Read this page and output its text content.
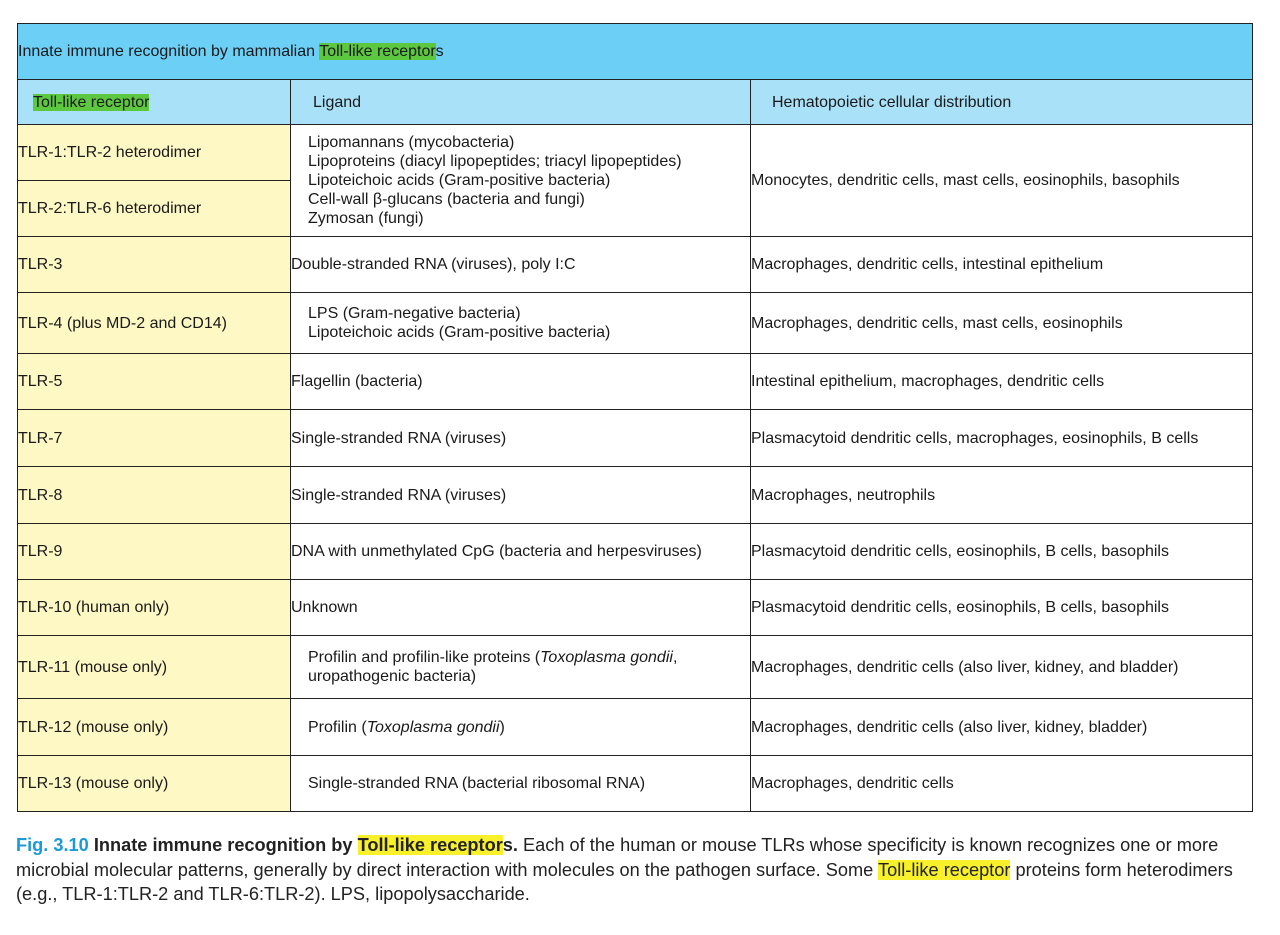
Innate immune recognition by mammalian Toll-like receptors		
Toll-like receptor	Ligand	Hematopoietic cellular distribution
TLR-1:TLR-2 heterodimer	Lipomannans (mycobacteria)
Lipoproteins (diacyl lipopeptides; triacyl lipopeptides)
Lipoteichoic acids (Gram-positive bacteria)
Cell-wall β-glucans (bacteria and fungi)
Zymosan (fungi)	Monocytes, dendritic cells, mast cells, eosinophils, basophils
TLR-2:TLR-6 heterodimer		
TLR-3	Double-stranded RNA (viruses), poly I:C	Macrophages, dendritic cells, intestinal epithelium
TLR-4 (plus MD-2 and CD14)	LPS (Gram-negative bacteria)
Lipoteichoic acids (Gram-positive bacteria)	Macrophages, dendritic cells, mast cells, eosinophils
TLR-5	Flagellin (bacteria)	Intestinal epithelium, macrophages, dendritic cells
TLR-7	Single-stranded RNA (viruses)	Plasmacytoid dendritic cells, macrophages, eosinophils, B cells
TLR-8	Single-stranded RNA (viruses)	Macrophages, neutrophils
TLR-9	DNA with unmethylated CpG (bacteria and herpesviruses)	Plasmacytoid dendritic cells, eosinophils, B cells, basophils
TLR-10 (human only)	Unknown	Plasmacytoid dendritic cells, eosinophils, B cells, basophils
TLR-11 (mouse only)	Profilin and profilin-like proteins (Toxoplasma gondii, uropathogenic bacteria)	Macrophages, dendritic cells (also liver, kidney, and bladder)
TLR-12 (mouse only)	Profilin (Toxoplasma gondii)	Macrophages, dendritic cells (also liver, kidney, bladder)
TLR-13 (mouse only)	Single-stranded RNA (bacterial ribosomal RNA)	Macrophages, dendritic cells
Fig. 3.10 Innate immune recognition by Toll-like receptors. Each of the human or mouse TLRs whose specificity is known recognizes one or more microbial molecular patterns, generally by direct interaction with molecules on the pathogen surface. Some Toll-like receptor proteins form heterodimers (e.g., TLR-1:TLR-2 and TLR-6:TLR-2). LPS, lipopolysaccharide.
